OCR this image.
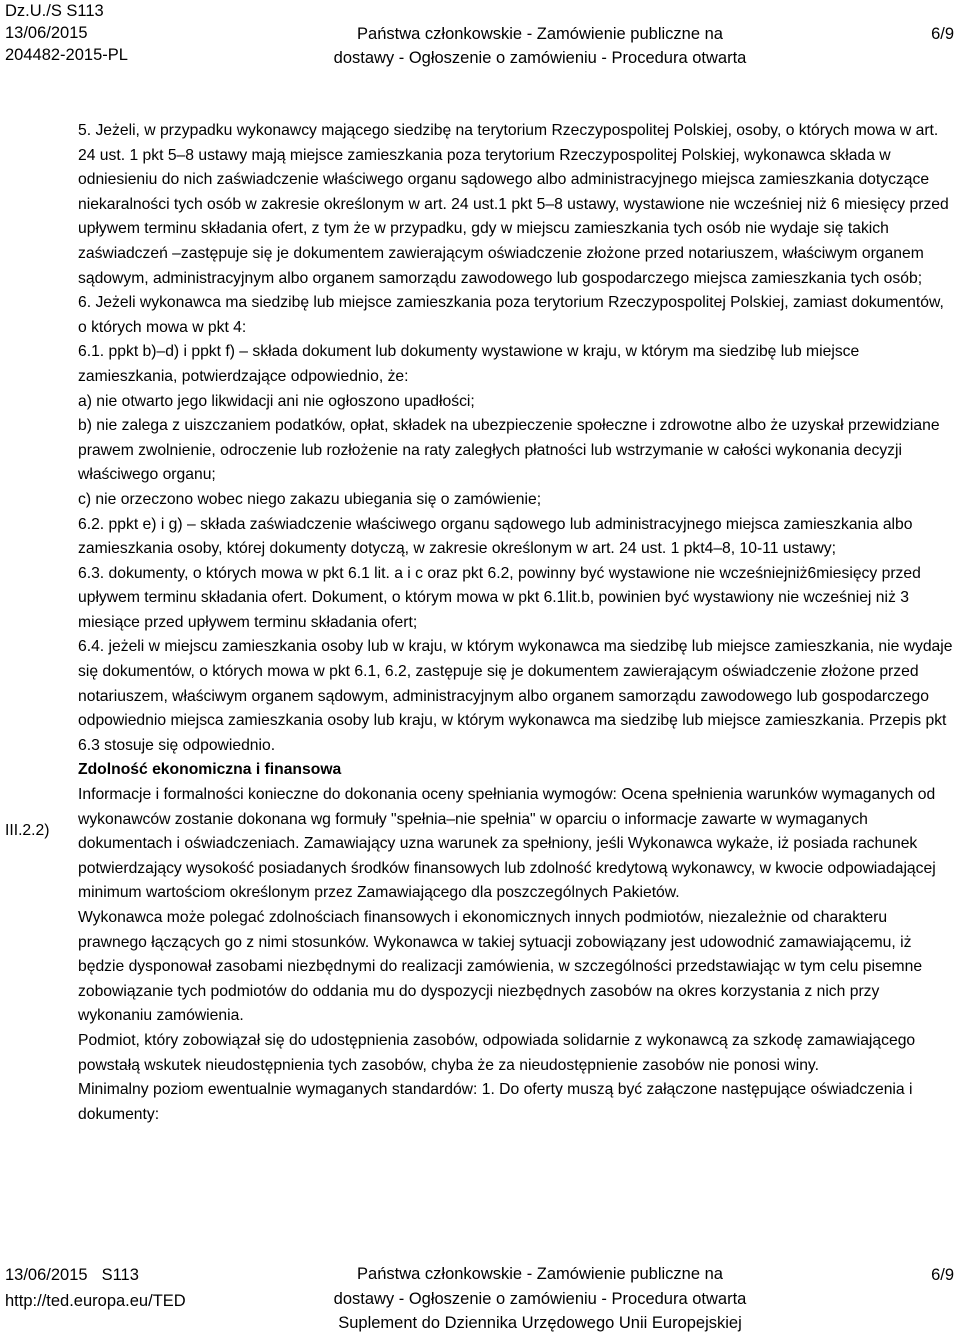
Dz.U./S S113
13/06/2015
204482-2015-PL
Państwa członkowskie - Zamówienie publiczne na
dostawy - Ogłoszenie o zamówieniu - Procedura otwarta
6/9

5. Jeżeli, w przypadku wykonawcy mającego siedzibę na terytorium Rzeczypospolitej Polskiej, osoby, o których mowa w art. 24 ust. 1 pkt 5–8 ustawy mają miejsce zamieszkania poza terytorium Rzeczypospolitej Polskiej, wykonawca składa w odniesieniu do nich zaświadczenie właściwego organu sądowego albo administracyjnego miejsca zamieszkania dotyczące niekaralności tych osób w zakresie określonym w art. 24 ust.1 pkt 5–8 ustawy, wystawione nie wcześniej niż 6 miesięcy przed upływem terminu składania ofert, z tym że w przypadku, gdy w miejscu zamieszkania tych osób nie wydaje się takich zaświadczeń –zastępuje się je dokumentem zawierającym oświadczenie złożone przed notariuszem, właściwym organem sądowym, administracyjnym albo organem samorządu zawodowego lub gospodarczego miejsca zamieszkania tych osób;

6. Jeżeli wykonawca ma siedzibę lub miejsce zamieszkania poza terytorium Rzeczypospolitej Polskiej, zamiast dokumentów, o których mowa w pkt 4:

6.1. ppkt b)–d) i ppkt f) – składa dokument lub dokumenty wystawione w kraju, w którym ma siedzibę lub miejsce zamieszkania, potwierdzające odpowiednio, że:

a) nie otwarto jego likwidacji ani nie ogłoszono upadłości;

b) nie zalega z uiszczaniem podatków, opłat, składek na ubezpieczenie społeczne i zdrowotne albo że uzyskał przewidziane prawem zwolnienie, odroczenie lub rozłożenie na raty zaległych płatności lub wstrzymanie w całości wykonania decyzji właściwego organu;

c) nie orzeczono wobec niego zakazu ubiegania się o zamówienie;

6.2. ppkt e) i g) – składa zaświadczenie właściwego organu sądowego lub administracyjnego miejsca zamieszkania albo zamieszkania osoby, której dokumenty dotyczą, w zakresie określonym w art. 24 ust. 1 pkt4–8, 10-11 ustawy;

6.3. dokumenty, o których mowa w pkt 6.1 lit. a i c oraz pkt 6.2, powinny być wystawione nie wcześniejniż6miesięcy przed upływem terminu składania ofert. Dokument, o którym mowa w pkt 6.1lit.b, powinien być wystawiony nie wcześniej niż 3 miesiące przed upływem terminu składania ofert;

6.4. jeżeli w miejscu zamieszkania osoby lub w kraju, w którym wykonawca ma siedzibę lub miejsce zamieszkania, nie wydaje się dokumentów, o których mowa w pkt 6.1, 6.2, zastępuje się je dokumentem zawierającym oświadczenie złożone przed notariuszem, właściwym organem sądowym, administracyjnym albo organem samorządu zawodowego lub gospodarczego odpowiednio miejsca zamieszkania osoby lub kraju, w którym wykonawca ma siedzibę lub miejsce zamieszkania. Przepis pkt 6.3 stosuje się odpowiednio.

Zdolność ekonomiczna i finansowa

Informacje i formalności konieczne do dokonania oceny spełniania wymogów: Ocena spełnienia warunków wymaganych od wykonawców zostanie dokonana wg formuły "spełnia–nie spełnia" w oparciu o informacje zawarte w wymaganych dokumentach i oświadczeniach. Zamawiający uzna warunek za spełniony, jeśli Wykonawca wykaże, iż posiada rachunek potwierdzający wysokość posiadanych środków finansowych lub zdolność kredytową wykonawcy, w kwocie odpowiadającej minimum wartościom określonym przez Zamawiającego dla poszczególnych Pakietów.

Wykonawca może polegać zdolnościach finansowych i ekonomicznych innych podmiotów, niezależnie od charakteru prawnego łączących go z nimi stosunków. Wykonawca w takiej sytuacji zobowiązany jest udowodnić zamawiającemu, iż będzie dysponował zasobami niezbędnymi do realizacji zamówienia, w szczególności przedstawiając w tym celu pisemne zobowiązanie tych podmiotów do oddania mu do dyspozycji niezbędnych zasobów na okres korzystania z nich przy wykonaniu zamówienia.

Podmiot, który zobowiązał się do udostępnienia zasobów, odpowiada solidarnie z wykonawcą za szkodę zamawiającego powstałą wskutek nieudostępnienia tych zasobów, chyba że za nieudostępnienie zasobów nie ponosi winy.

Minimalny poziom ewentualnie wymaganych standardów: 1. Do oferty muszą być załączone następujące oświadczenia i dokumenty:

III.2.2)
13/06/2015 S113
http://ted.europa.eu/TED
Państwa członkowskie - Zamówienie publiczne na
dostawy - Ogłoszenie o zamówieniu - Procedura otwarta
Suplement do Dziennika Urzędowego Unii Europejskiej
6/9
